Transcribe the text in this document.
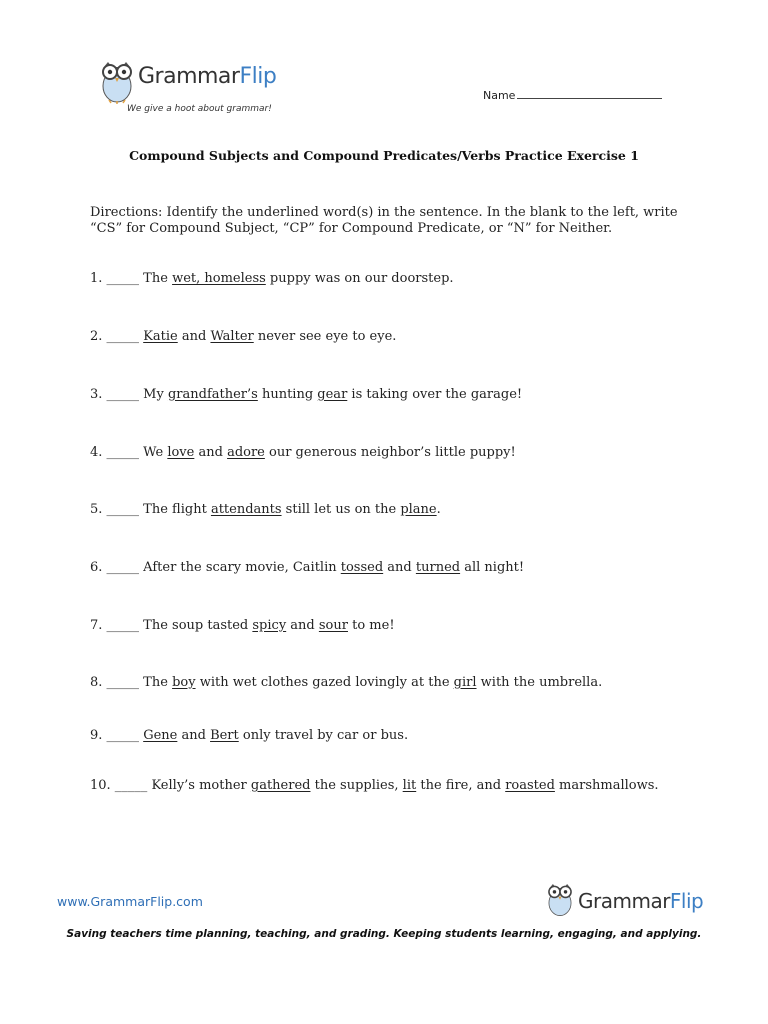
GrammarFlip
We give a hoot about grammar!
Name
Compound Subjects and Compound Predicates/Verbs Practice Exercise 1
Directions: Identify the underlined word(s) in the sentence. In the blank to the left, write
“CS” for Compound Subject, “CP” for Compound Predicate, or “N” for Neither.
1. _____ The wet, homeless puppy was on our doorstep.
2. _____ Katie and Walter never see eye to eye.
3. _____ My grandfather’s hunting gear is taking over the garage!
4. _____ We love and adore our generous neighbor’s little puppy!
5. _____ The flight attendants still let us on the plane.
6. _____ After the scary movie, Caitlin tossed and turned all night!
7. _____ The soup tasted spicy and sour to me!
8. _____ The boy with wet clothes gazed lovingly at the girl with the umbrella.
9. _____ Gene and Bert only travel by car or bus.
10. _____ Kelly’s mother gathered the supplies, lit the fire, and roasted marshmallows.
www.GrammarFlip.com	GrammarFlip
Saving teachers time planning, teaching, and grading. Keeping students learning, engaging, and applying.
